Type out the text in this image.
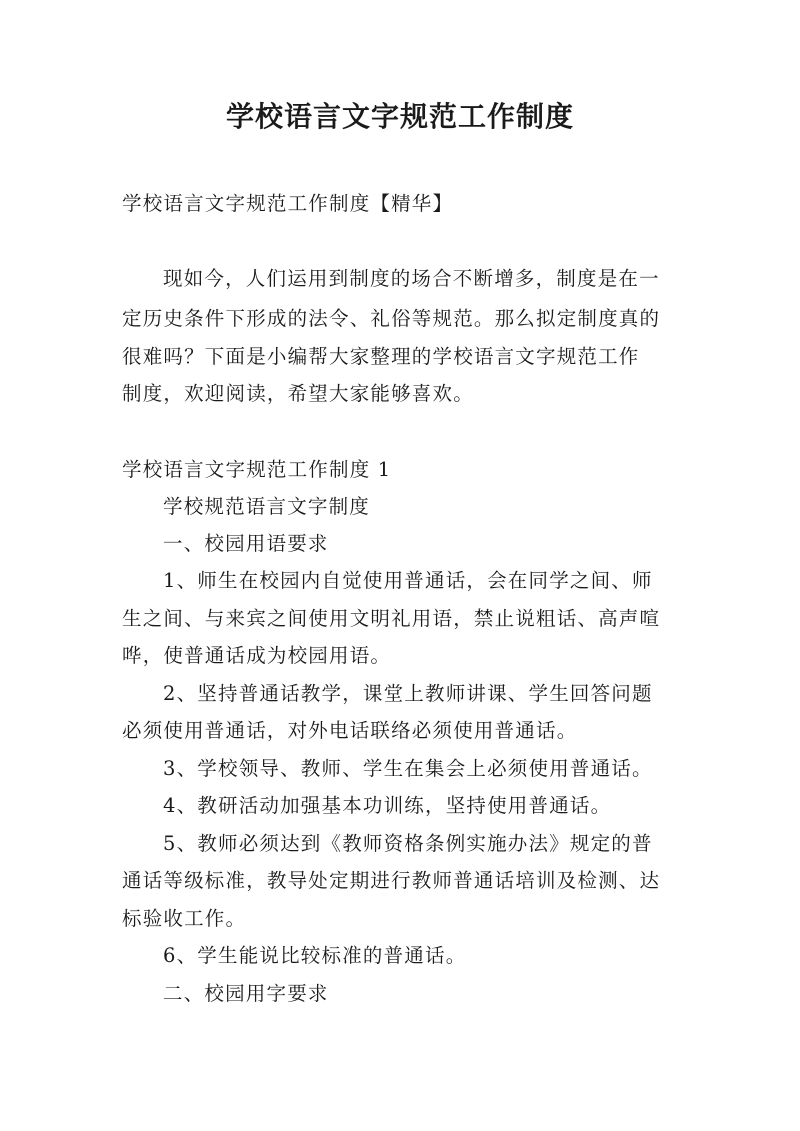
学校语言文字规范工作制度
学校语言文字规范工作制度【精华】
现如今，人们运用到制度的场合不断增多，制度是在一
定历史条件下形成的法令、礼俗等规范。那么拟定制度真的
很难吗？下面是小编帮大家整理的学校语言文字规范工作
制度，欢迎阅读，希望大家能够喜欢。
学校语言文字规范工作制度 1
学校规范语言文字制度
一、校园用语要求
1、师生在校园内自觉使用普通话，会在同学之间、师
生之间、与来宾之间使用文明礼用语，禁止说粗话、高声喧
哗，使普通话成为校园用语。
2、坚持普通话教学，课堂上教师讲课、学生回答问题
必须使用普通话，对外电话联络必须使用普通话。
3、学校领导、教师、学生在集会上必须使用普通话。
4、教研活动加强基本功训练，坚持使用普通话。
5、教师必须达到《教师资格条例实施办法》规定的普
通话等级标准，教导处定期进行教师普通话培训及检测、达
标验收工作。
6、学生能说比较标准的普通话。
二、校园用字要求
